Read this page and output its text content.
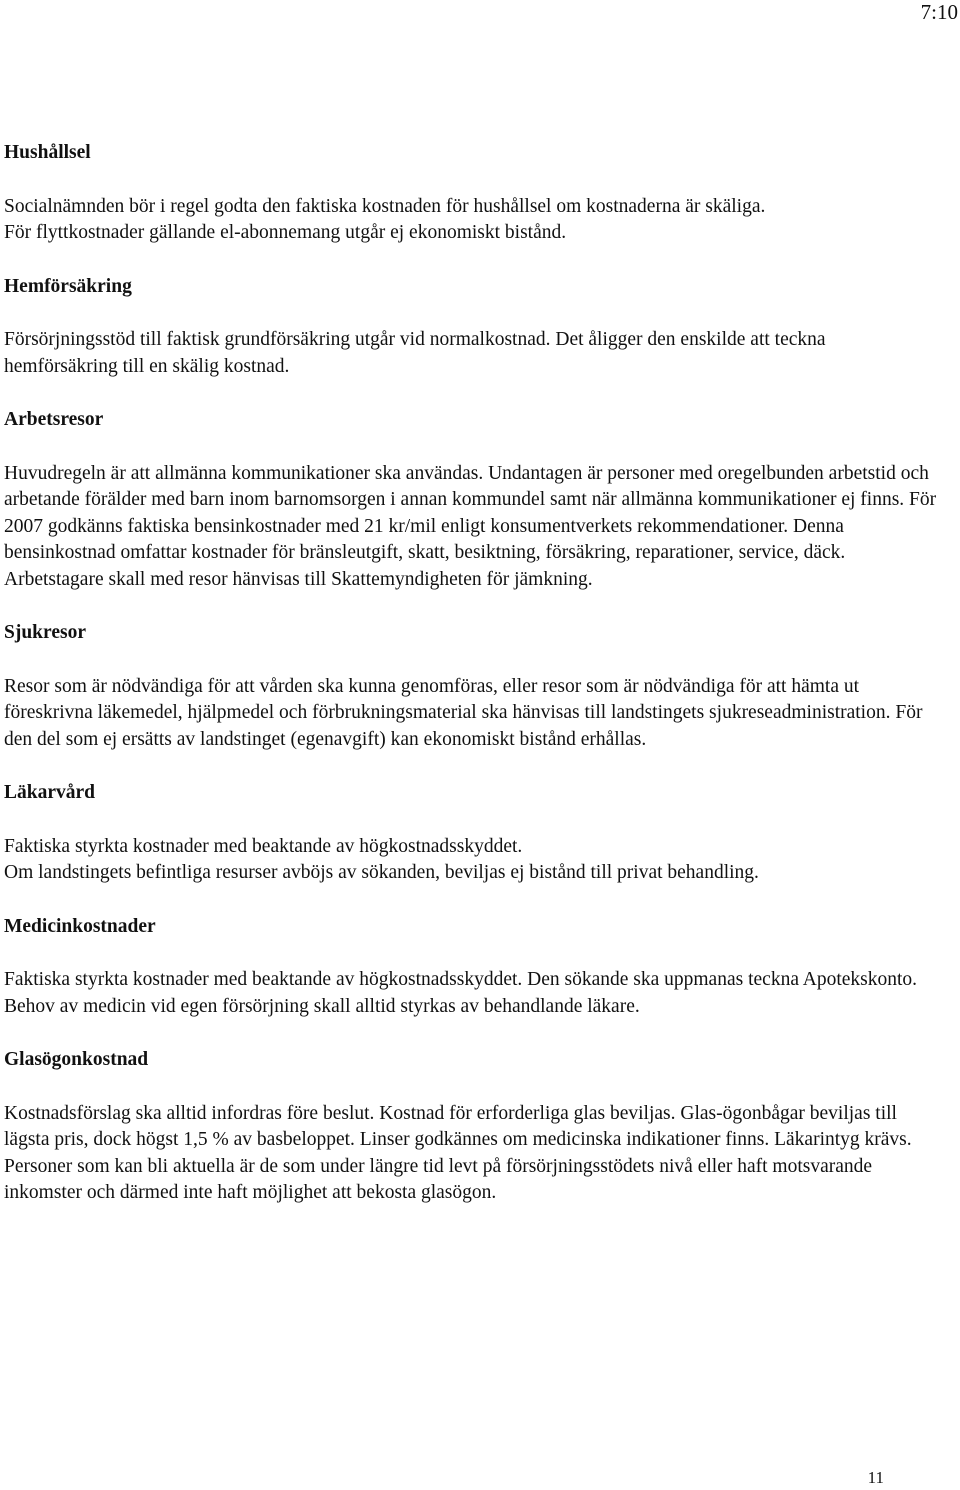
7:10
Hushållsel

Socialnämnden bör i regel godta den faktiska kostnaden för hushållsel om kostnaderna är skäliga.

För flyttkostnader gällande el-abonnemang utgår ej ekonomiskt bistånd.

Hemförsäkring

Försörjningsstöd till faktisk grundförsäkring utgår vid normalkostnad. Det åligger den enskilde att teckna hemförsäkring till en skälig kostnad.

Arbetsresor

Huvudregeln är att allmänna kommunikationer ska användas. Undantagen är personer med oregelbunden arbetstid och arbetande förälder med barn inom barnomsorgen i annan kommundel samt när allmänna kommunikationer ej finns. För 2007 godkänns faktiska bensinkostnader med 21 kr/mil enligt konsumentverkets rekommendationer. Denna bensinkostnad omfattar kostnader för bränsleutgift, skatt, besiktning, försäkring, reparationer, service, däck.

Arbetstagare skall med resor hänvisas till Skattemyndigheten för jämkning.

Sjukresor

Resor som är nödvändiga för att vården ska kunna genomföras, eller resor som är nödvändiga för att hämta ut föreskrivna läkemedel, hjälpmedel och förbrukningsmaterial ska hänvisas till landstingets sjukreseadministration. För den del som ej ersätts av landstinget (egenavgift) kan ekonomiskt bistånd erhållas.

Läkarvård

Faktiska styrkta kostnader med beaktande av högkostnadsskyddet.

Om landstingets befintliga resurser avböjs av sökanden, beviljas ej bistånd till privat behandling.

Medicinkostnader

Faktiska styrkta kostnader med beaktande av högkostnadsskyddet. Den sökande ska uppmanas teckna Apotekskonto.

Behov av medicin vid egen försörjning skall alltid styrkas av behandlande läkare.

Glasögonkostnad

Kostnadsförslag ska alltid infordras före beslut. Kostnad för erforderliga glas beviljas. Glas-ögonbågar beviljas till lägsta pris, dock högst 1,5 % av basbeloppet. Linser godkännes om medicinska indikationer finns. Läkarintyg krävs.

Personer som kan bli aktuella är de som under längre tid levt på försörjningsstödets nivå eller haft motsvarande inkomster och därmed inte haft möjlighet att bekosta glasögon.

11
